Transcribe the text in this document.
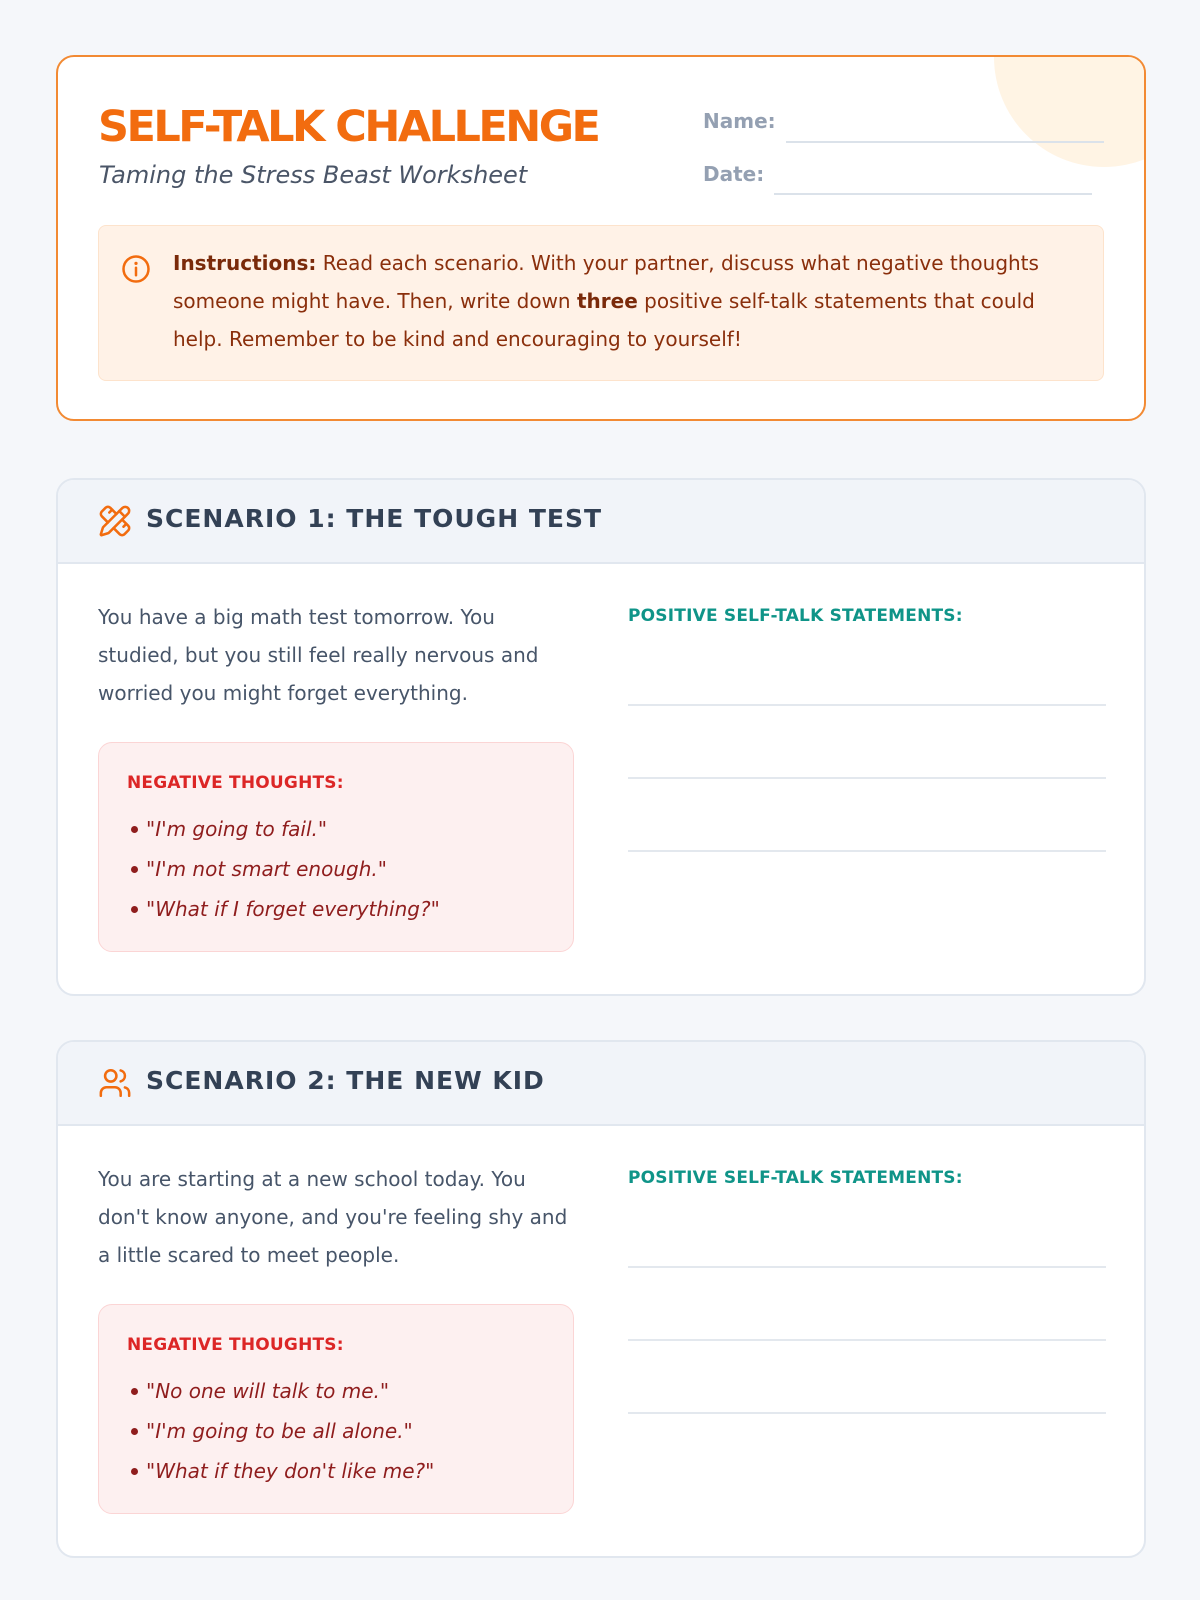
SELF-TALK CHALLENGE
Taming the Stress Beast Worksheet
Name:
Date:

Instructions: Read each scenario. With your partner, discuss what negative thoughts someone might have. Then, write down three positive self-talk statements that could help. Remember to be kind and encouraging to yourself!

SCENARIO 1: THE TOUGH TEST

You have a big math test tomorrow. You studied, but you still feel really nervous and worried you might forget everything.

NEGATIVE THOUGHTS:
"I'm going to fail."
"I'm not smart enough."
"What if I forget everything?"
POSITIVE SELF-TALK STATEMENTS:
SCENARIO 2: THE NEW KID

You are starting at a new school today. You don't know anyone, and you're feeling shy and a little scared to meet people.

NEGATIVE THOUGHTS:
"No one will talk to me."
"I'm going to be all alone."
"What if they don't like me?"
POSITIVE SELF-TALK STATEMENTS:
